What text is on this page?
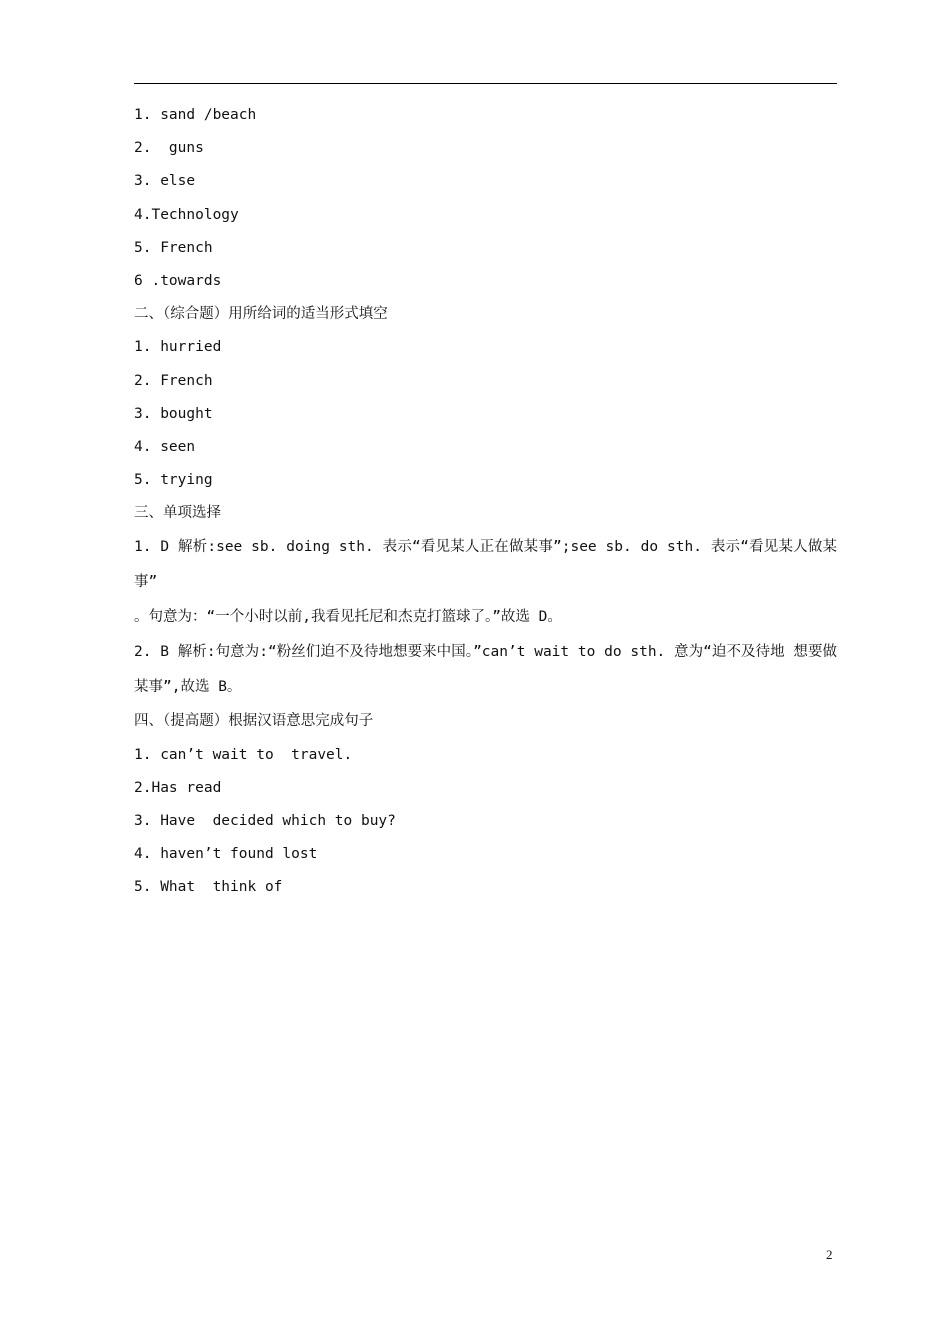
1. sand /beach
2.  guns
3. else
4.Technology
5. French
6 .towards
二、（综合题）用所给词的适当形式填空
1. hurried
2. French
3. bought
4. seen
5. trying
三、单项选择
1. D 解析:see sb. doing sth. 表示“看见某人正在做某事”;see sb. do sth. 表示“看见某人做某事”
。句意为：“一个小时以前,我看见托尼和杰克打篮球了。”故选 D。
2. B 解析:句意为:“粉丝们迫不及待地想要来中国。”can’t wait to do sth. 意为“迫不及待地 想要做某事”,故选 B。
四、（提高题）根据汉语意思完成句子
1. can’t wait to  travel.
2.Has read
3. Have  decided which to buy?
4. haven’t found lost
5. What  think of
2
